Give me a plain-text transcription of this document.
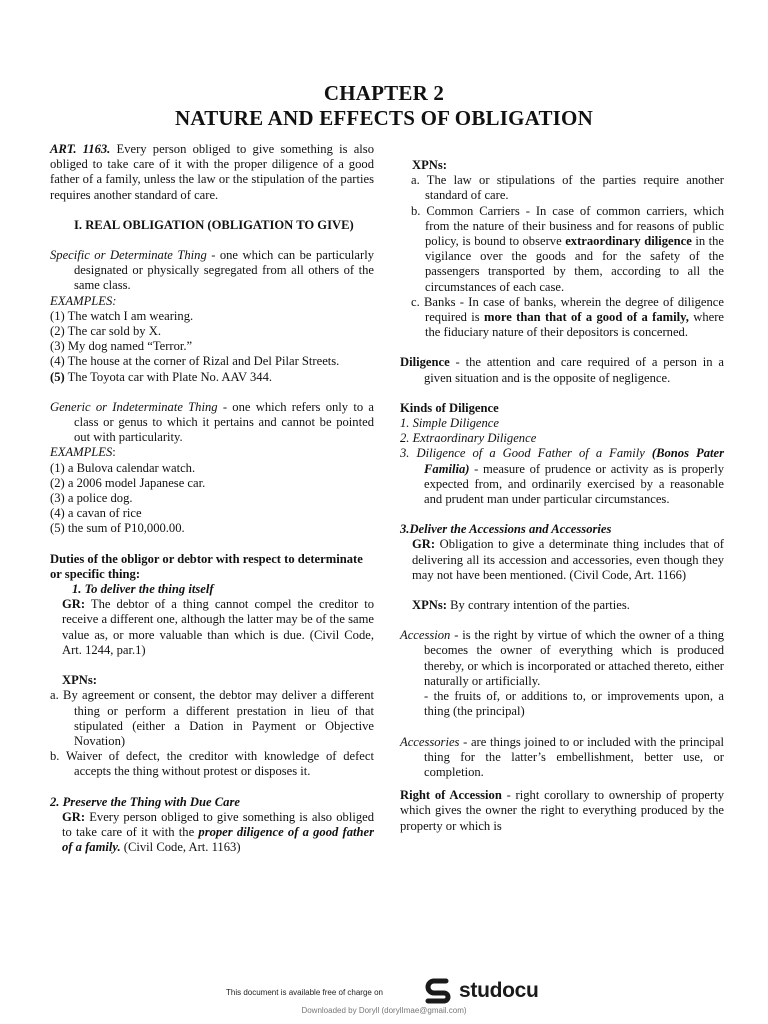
CHAPTER 2
NATURE AND EFFECTS OF OBLIGATION

ART. 1163. Every person obliged to give something is also obliged to take care of it with the proper diligence of a good father of a family, unless the law or the stipulation of the parties requires another standard of care.

I. REAL OBLIGATION (OBLIGATION TO GIVE)

Specific or Determinate Thing - one which can be particularly designated or physically segregated from all others of the same class.

EXAMPLES:

(1) The watch I am wearing.

(2) The car sold by X.

(3) My dog named “Terror.”

(4) The house at the corner of Rizal and Del Pilar Streets.

(5) The Toyota car with Plate No. AAV 344.

Generic or Indeterminate Thing - one which refers only to a class or genus to which it pertains and cannot be pointed out with particularity.

EXAMPLES:

(1) a Bulova calendar watch.

(2) a 2006 model Japanese car.

(3) a police dog.

(4) a cavan of rice

(5) the sum of P10,000.00.

Duties of the obligor or debtor with respect to determinate or specific thing:

1. To deliver the thing itself

GR: The debtor of a thing cannot compel the creditor to receive a different one, although the latter may be of the same value as, or more valuable than which is due. (Civil Code, Art. 1244, par.1)

XPNs:

a. By agreement or consent, the debtor may deliver a different thing or perform a different prestation in lieu of that stipulated (either a Dation in Payment or Objective Novation)

b. Waiver of defect, the creditor with knowledge of defect accepts the thing without protest or disposes it.

2. Preserve the Thing with Due Care

GR: Every person obliged to give something is also obliged to take care of it with the proper diligence of a good father of a family. (Civil Code, Art. 1163)

XPNs:

a. The law or stipulations of the parties require another standard of care.

b. Common Carriers - In case of common carriers, which from the nature of their business and for reasons of public policy, is bound to observe extraordinary diligence in the vigilance over the goods and for the safety of the passengers transported by them, according to all the circumstances of each case.

c. Banks - In case of banks, wherein the degree of diligence required is more than that of a good of a family, where the fiduciary nature of their depositors is concerned.

Diligence - the attention and care required of a person in a given situation and is the opposite of negligence.

Kinds of Diligence

1. Simple Diligence

2. Extraordinary Diligence

3. Diligence of a Good Father of a Family (Bonos Pater Familia) - measure of prudence or activity as is properly expected from, and ordinarily exercised by a reasonable and prudent man under particular circumstances.

3.Deliver the Accessions and Accessories

GR: Obligation to give a determinate thing includes that of delivering all its accession and accessories, even though they may not have been mentioned. (Civil Code, Art. 1166)

XPNs: By contrary intention of the parties.

Accession - is the right by virtue of which the owner of a thing becomes the owner of everything which is produced thereby, or which is incorporated or attached thereto, either naturally or artificially.

- the fruits of, or additions to, or improvements upon, a thing (the principal)

Accessories - are things joined to or included with the principal thing for the latter’s embellishment, better use, or completion.

Right of Accession - right corollary to ownership of property which gives the owner the right to everything produced by the property or which is

This document is available free of charge on	studocu
Downloaded by Doryll (dorylImae@gmail.com)
